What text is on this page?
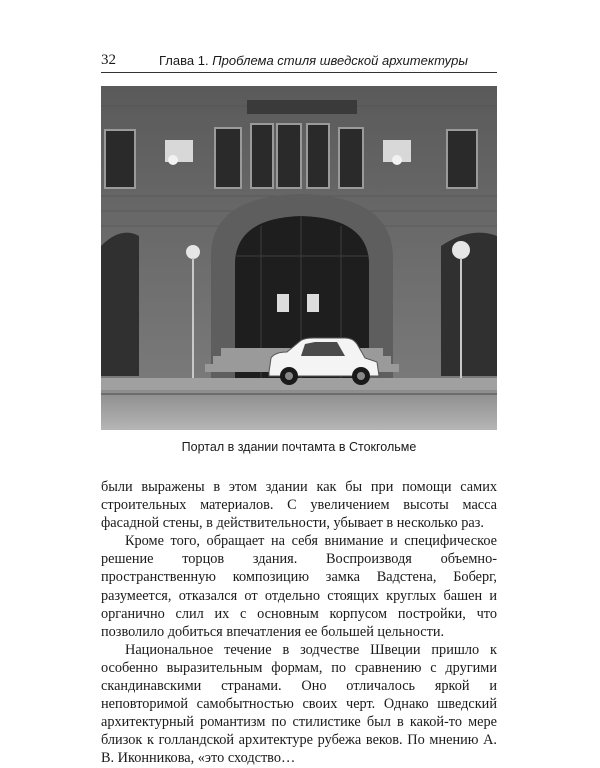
32	Глава 1. Проблема стиля шведской архитектуры
Портал в здании почтамта в Стокгольме

были выражены в этом здании как бы при помощи самих строительных материалов. С увеличением высоты масса фасадной стены, в действительности, убывает в несколько раз.

Кроме того, обращает на себя внимание и специфическое решение торцов здания. Воспроизводя объемно-пространственную композицию замка Вадстена, Боберг, разумеется, отказался от отдельно стоящих круглых башен и органично слил их с основным корпусом постройки, что позволило добиться впечатления ее большей цельности.

Национальное течение в зодчестве Швеции пришло к особенно выразительным формам, по сравнению с другими скандинавскими странами. Оно отличалось яркой и неповторимой самобытностью своих черт. Однако шведский архитектурный романтизм по стилистике был в какой-то мере близок к голландской архитектуре рубежа веков. По мнению А. В. Иконникова, «это сходство…
